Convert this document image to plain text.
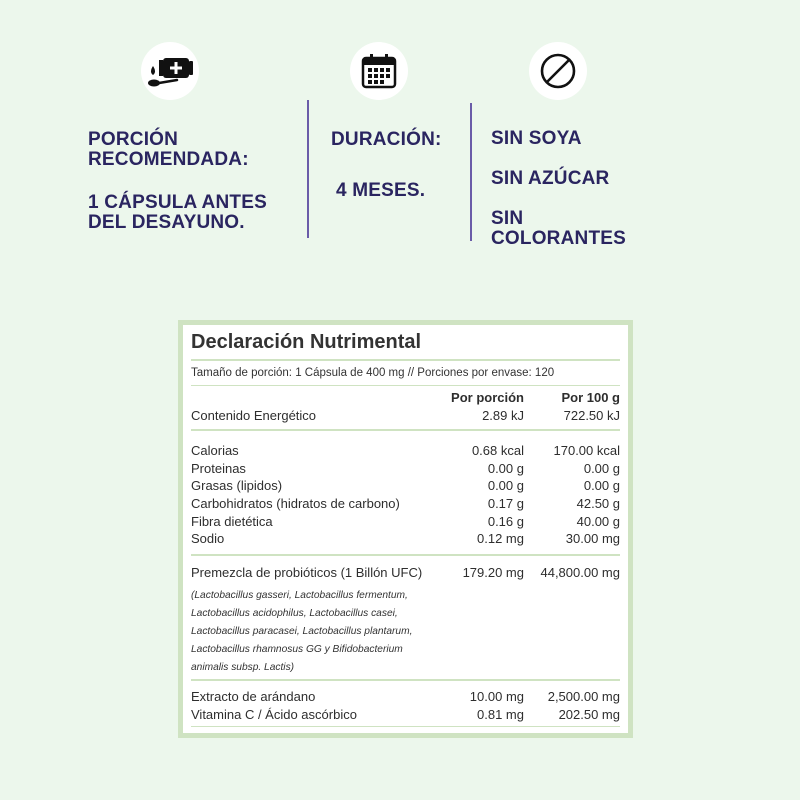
PORCIÓN
RECOMENDADA:
1 CÁPSULA ANTES
DEL DESAYUNO.
DURACIÓN:
4 MESES.
SIN SOYA
SIN AZÚCAR
SIN
COLORANTES
Declaración Nutrimental
Tamaño de porción: 1 Cápsula de 400 mg // Porciones por envase: 120
Por porción	Por 100 g
Contenido Energético	2.89 kJ	722.50 kJ
Calorias	0.68 kcal 170.00 kcal
Proteinas	0.00 g	0.00 g
Grasas (lipidos)	0.00 g	0.00 g
Carbohidratos (hidratos de carbono)	0.17 g	42.50 g
Fibra dietética	0.16 g	40.00 g
Sodio	0.12 mg	30.00 mg
Premezcla de probióticos (1 Billón UFC)	179.20 mg 44,800.00 mg
(Lactobacillus gasseri, Lactobacillus fermentum,
Lactobacillus acidophilus, Lactobacillus casei,
Lactobacillus paracasei, Lactobacillus plantarum,
Lactobacillus rhamnosus GG y Bifidobacterium
animalis subsp. Lactis)
Extracto de arándano	10.00 mg 2,500.00 mg
Vitamina C / Ácido ascórbico	0.81 mg	202.50 mg
